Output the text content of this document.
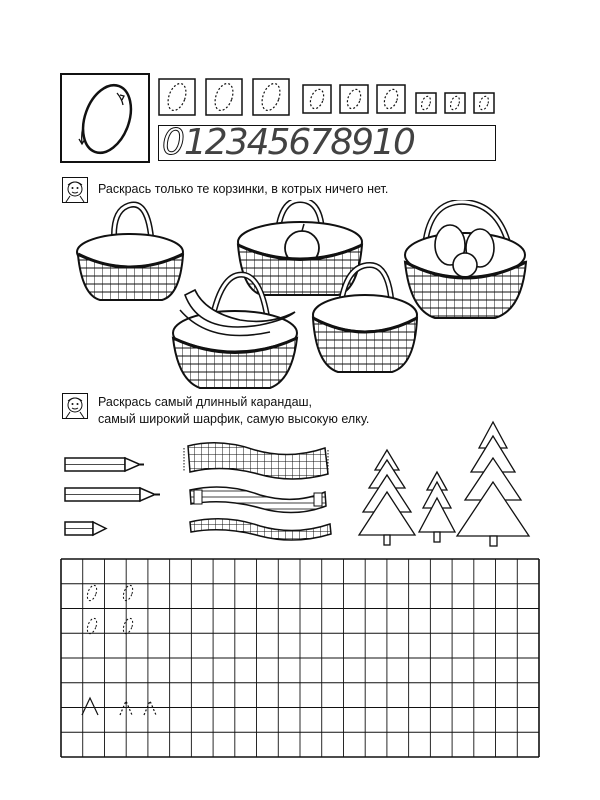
0 12345678910
Раскрась только те корзинки, в котрых ничего нет.
Раскрась самый длинный карандаш,
самый широкий шарфик, самую высокую елку.
